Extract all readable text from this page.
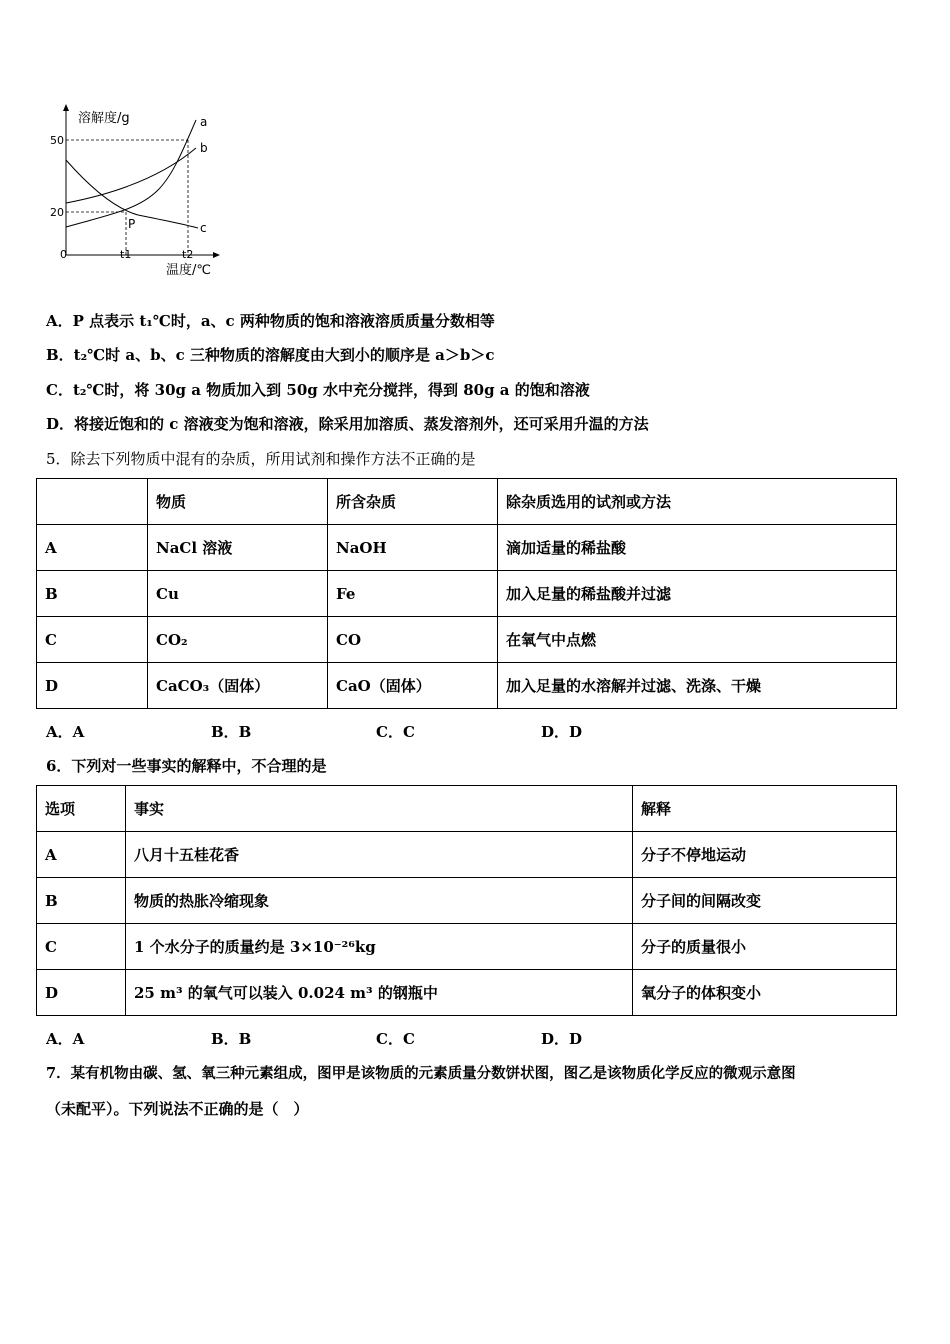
溶解度/g
50
20
0	t1	t2
温度/℃
P
a
b
c
A．P 点表示 t₁℃时，a、c 两种物质的饱和溶液溶质质量分数相等
B．t₂℃时 a、b、c 三种物质的溶解度由大到小的顺序是 a＞b＞c
C．t₂℃时，将 30g a 物质加入到 50g 水中充分搅拌，得到 80g a 的饱和溶液
D．将接近饱和的 c 溶液变为饱和溶液，除采用加溶质、蒸发溶剂外，还可采用升温的方法
5．除去下列物质中混有的杂质，所用试剂和操作方法不正确的是
	物质	所含杂质	除杂质选用的试剂或方法
A	NaCl 溶液	NaOH	滴加适量的稀盐酸
B	Cu	Fe	加入足量的稀盐酸并过滤
C	CO₂	CO	在氧气中点燃
D	CaCO₃（固体）	CaO（固体）	加入足量的水溶解并过滤、洗涤、干燥
A．A	B．B	C．C	D．D
6．下列对一些事实的解释中，不合理的是
选项	事实	解释
A	八月十五桂花香	分子不停地运动
B	物质的热胀冷缩现象	分子间的间隔改变
C	1 个水分子的质量约是 3×10⁻²⁶kg	分子的质量很小
D	25 m³ 的氧气可以装入 0.024 m³ 的钢瓶中	氧分子的体积变小
A．A	B．B	C．C	D．D
7．某有机物由碳、氢、氧三种元素组成，图甲是该物质的元素质量分数饼状图，图乙是该物质化学反应的微观示意图
（未配平）。下列说法不正确的是（　）
